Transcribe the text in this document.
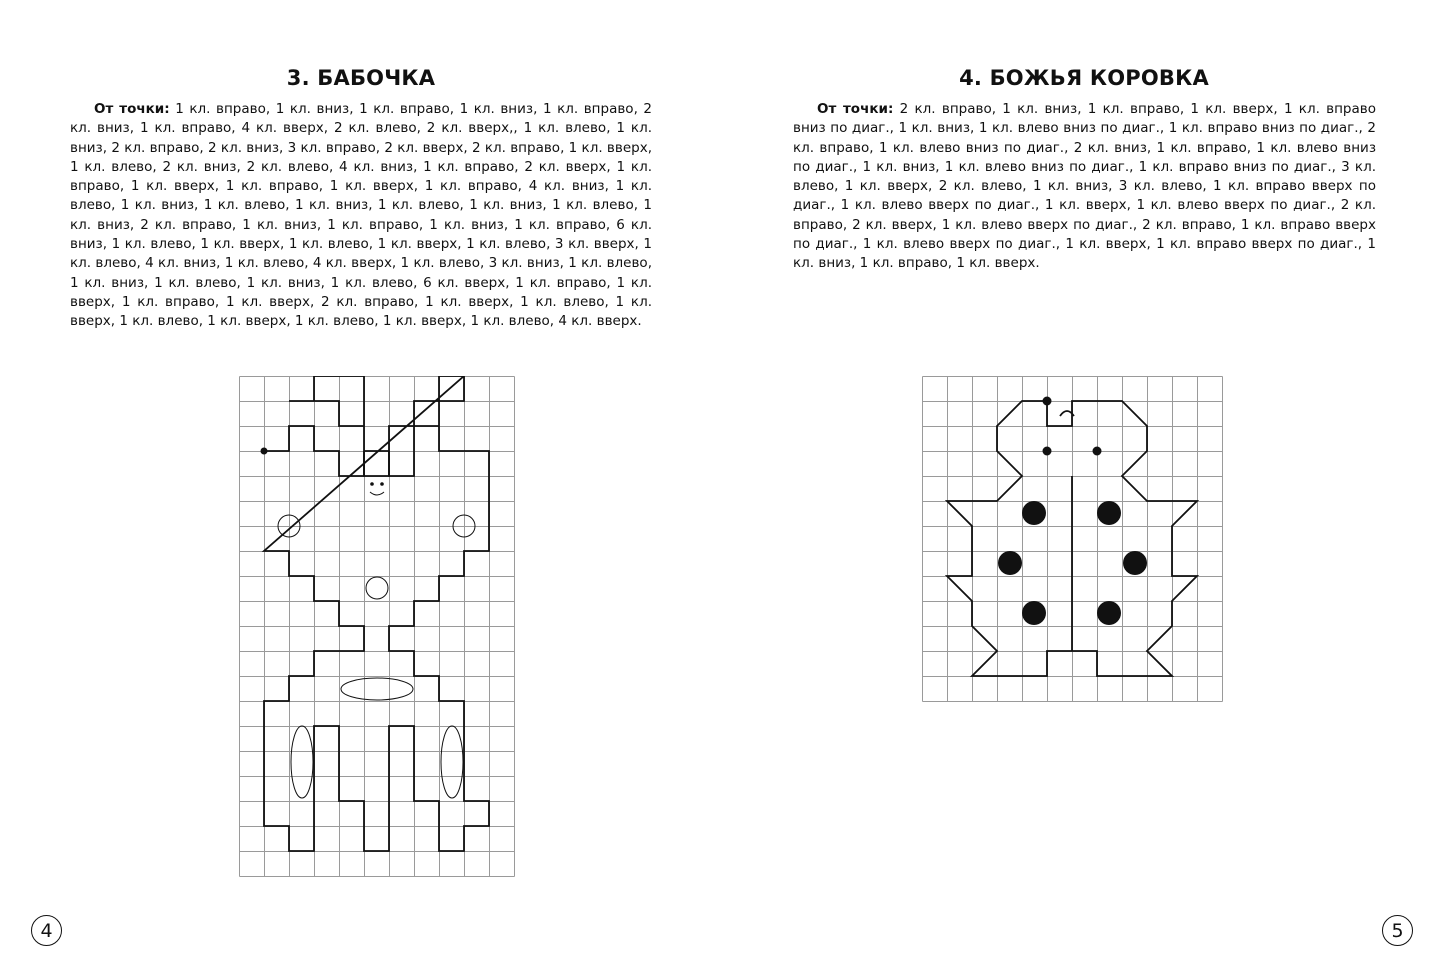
3. БАБОЧКА

От точки: 1 кл. вправо, 1 кл. вниз, 1 кл. вправо, 1 кл. вниз, 1 кл. вправо, 2 кл. вниз, 1 кл. вправо, 4 кл. вверх, 2 кл. влево, 2 кл. вверх,, 1 кл. влево, 1 кл. вниз, 2 кл. вправо, 2 кл. вниз, 3 кл. вправо, 2 кл. вверх, 2 кл. вправо, 1 кл. вверх, 1 кл. влево, 2 кл. вниз, 2 кл. влево, 4 кл. вниз, 1 кл. вправо, 2 кл. вверх, 1 кл. вправо, 1 кл. вверх, 1 кл. вправо, 1 кл. вверх, 1 кл. вправо, 4 кл. вниз, 1 кл. влево, 1 кл. вниз, 1 кл. влево, 1 кл. вниз, 1 кл. влево, 1 кл. вниз, 1 кл. влево, 1 кл. вниз, 2 кл. вправо, 1 кл. вниз, 1 кл. вправо, 1 кл. вниз, 1 кл. вправо, 6 кл. вниз, 1 кл. влево, 1 кл. вверх, 1 кл. влево, 1 кл. вверх, 1 кл. влево, 3 кл. вверх, 1 кл. влево, 4 кл. вниз, 1 кл. влево, 4 кл. вверх, 1 кл. влево, 3 кл. вниз, 1 кл. влево, 1 кл. вниз, 1 кл. влево, 1 кл. вниз, 1 кл. влево, 6 кл. вверх, 1 кл. вправо, 1 кл. вверх, 1 кл. вправо, 1 кл. вверх, 2 кл. вправо, 1 кл. вверх, 1 кл. влево, 1 кл. вверх, 1 кл. влево, 1 кл. вверх, 1 кл. влево, 1 кл. вверх, 1 кл. влево, 4 кл. вверх.

4
4. БОЖЬЯ КОРОВКА

От точки: 2 кл. вправо, 1 кл. вниз, 1 кл. вправо, 1 кл. вверх, 1 кл. вправо вниз по диаг., 1 кл. вниз, 1 кл. влево вниз по диаг., 1 кл. вправо вниз по диаг., 2 кл. вправо, 1 кл. влево вниз по диаг., 2 кл. вниз, 1 кл. вправо, 1 кл. влево вниз по диаг., 1 кл. вниз, 1 кл. влево вниз по диаг., 1 кл. вправо вниз по диаг., 3 кл. влево, 1 кл. вверх, 2 кл. влево, 1 кл. вниз, 3 кл. влево, 1 кл. вправо вверх по диаг., 1 кл. влево вверх по диаг., 1 кл. вверх, 1 кл. влево вверх по диаг., 2 кл. вправо, 2 кл. вверх, 1 кл. влево вверх по диаг., 2 кл. вправо, 1 кл. вправо вверх по диаг., 1 кл. влево вверх по диаг., 1 кл. вверх, 1 кл. вправо вверх по диаг., 1 кл. вниз, 1 кл. вправо, 1 кл. вверх.

5
